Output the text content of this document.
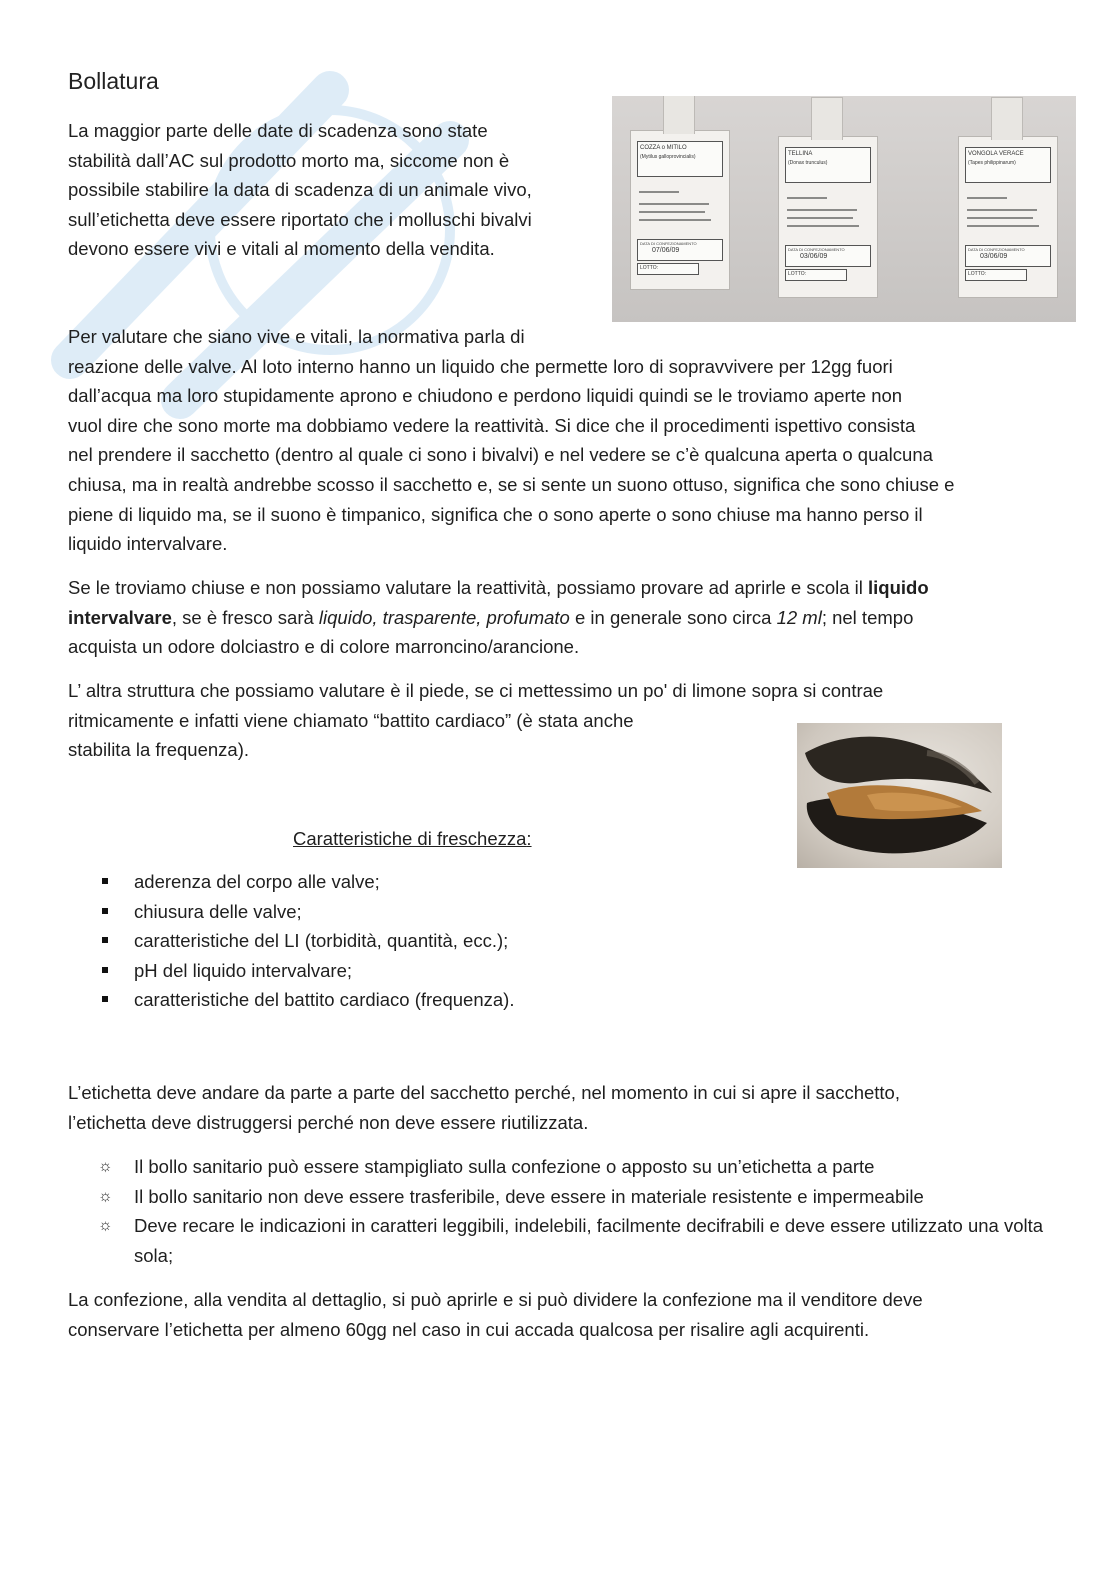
Bollatura

La maggior parte delle date di scadenza sono state

stabilità dall’AC sul prodotto morto ma, siccome non è

possibile stabilire la data di scadenza di un animale vivo,

sull’etichetta deve essere riportato che i molluschi bivalvi

devono essere vivi e vitali al momento della vendita.

COZZA o MITILO
(Mytilus galloprovincialis)
DATA DI CONFEZIONAMENTO
07/06/09
LOTTO:
TELLINA
(Donax trunculus)
DATA DI CONFEZIONAMENTO
03/06/09
LOTTO:
VONGOLA VERACE
(Tapes philippinarum)
DATA DI CONFEZIONAMENTO
03/06/09
LOTTO:

Per valutare che siano vive e vitali, la normativa parla di

reazione delle valve. Al loto interno hanno un liquido che permette loro di sopravvivere per 12gg fuori

dall’acqua ma loro stupidamente aprono e chiudono e perdono liquidi quindi se le troviamo aperte non

vuol dire che sono morte ma dobbiamo vedere la reattività. Si dice che il procedimenti ispettivo consista

nel prendere il sacchetto (dentro al quale ci sono i bivalvi) e nel vedere se c’è qualcuna aperta o qualcuna

chiusa, ma in realtà andrebbe scosso il sacchetto e, se si sente un suono ottuso, significa che sono chiuse e

piene di liquido ma, se il suono è timpanico, significa che o sono aperte o sono chiuse ma hanno perso il

liquido intervalvare.

Se le troviamo chiuse e non possiamo valutare la reattività, possiamo provare ad aprirle e scola il liquido

intervalvare, se è fresco sarà liquido, trasparente, profumato e in generale sono circa 12 ml; nel tempo

acquista un odore dolciastro e di colore marroncino/arancione.

L’ altra struttura che possiamo valutare è il piede, se ci mettessimo un po' di limone sopra si contrae

ritmicamente e infatti viene chiamato “battito cardiaco” (è stata anche

stabilita la frequenza).

Caratteristiche di freschezza:
aderenza del corpo alle valve;
chiusura delle valve;
caratteristiche del LI (torbidità, quantità, ecc.);
pH del liquido intervalvare;
caratteristiche del battito cardiaco (frequenza).

L’etichetta deve andare da parte a parte del sacchetto perché, nel momento in cui si apre il sacchetto,

l’etichetta deve distruggersi perché non deve essere riutilizzata.

☼ Il bollo sanitario può essere stampigliato sulla confezione o apposto su un’etichetta a parte
☼ Il bollo sanitario non deve essere trasferibile, deve essere in materiale resistente e impermeabile
☼ Deve recare le indicazioni in caratteri leggibili, indelebili, facilmente decifrabili e deve essere utilizzato una volta sola;

La confezione, alla vendita al dettaglio, si può aprirle e si può dividere la confezione ma il venditore deve

conservare l’etichetta per almeno 60gg nel caso in cui accada qualcosa per risalire agli acquirenti.
